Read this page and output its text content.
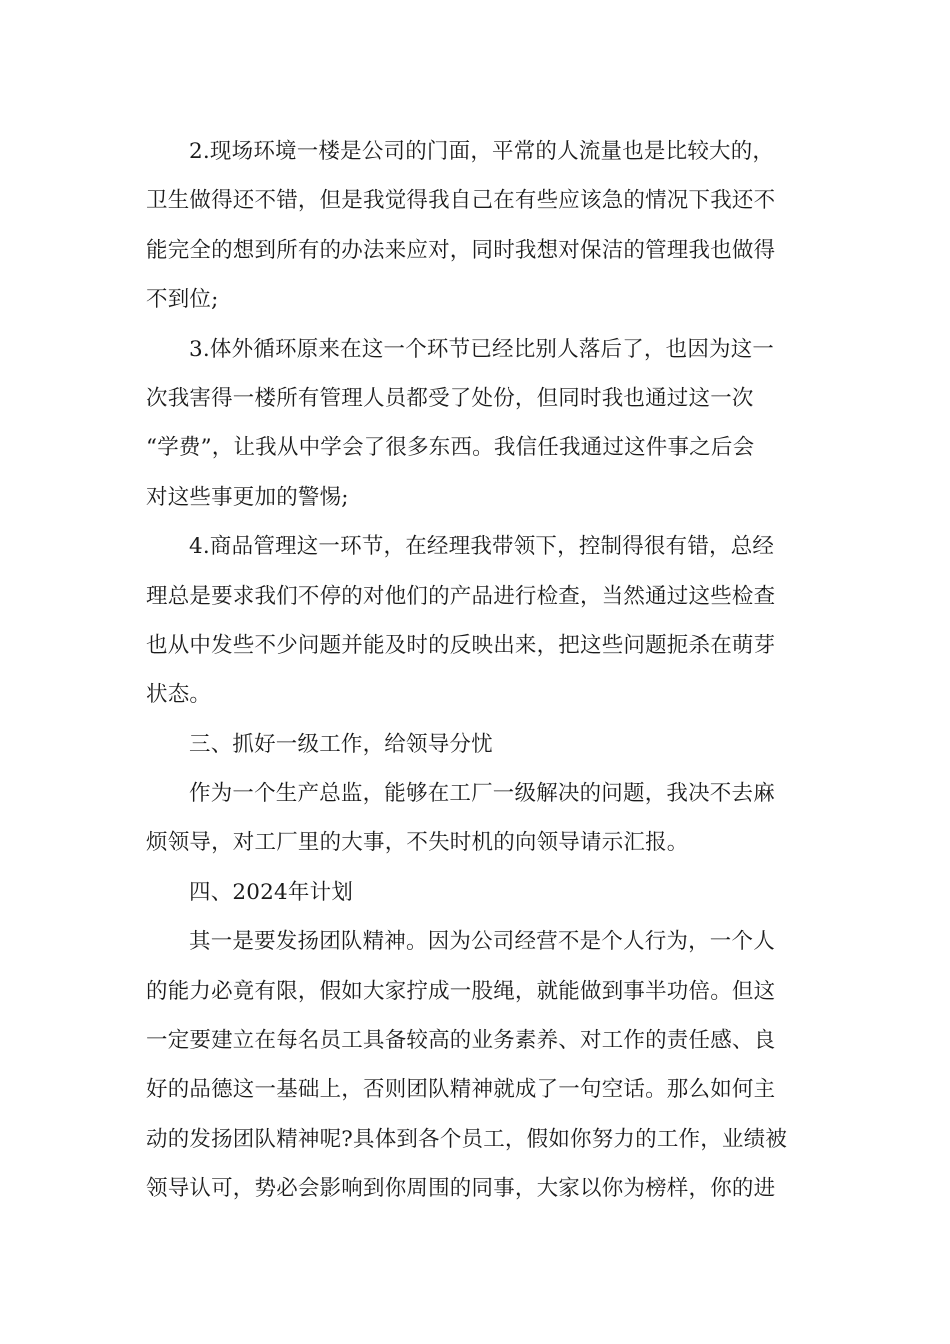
2.现场环境一楼是公司的门面，平常的人流量也是比较大的，
卫生做得还不错，但是我觉得我自己在有些应该急的情况下我还不
能完全的想到所有的办法来应对，同时我想对保洁的管理我也做得
不到位;
3.体外循环原来在这一个环节已经比别人落后了，也因为这一
次我害得一楼所有管理人员都受了处份，但同时我也通过这一次
“学费”，让我从中学会了很多东西。我信任我通过这件事之后会
对这些事更加的警惕;
4.商品管理这一环节，在经理我带领下，控制得很有错，总经
理总是要求我们不停的对他们的产品进行检查，当然通过这些检查
也从中发些不少问题并能及时的反映出来，把这些问题扼杀在萌芽
状态。
三、抓好一级工作，给领导分忧
作为一个生产总监，能够在工厂一级解决的问题，我决不去麻
烦领导，对工厂里的大事，不失时机的向领导请示汇报。
四、2024年计划
其一是要发扬团队精神。因为公司经营不是个人行为，一个人
的能力必竟有限，假如大家拧成一股绳，就能做到事半功倍。但这
一定要建立在每名员工具备较高的业务素养、对工作的责任感、良
好的品德这一基础上，否则团队精神就成了一句空话。那么如何主
动的发扬团队精神呢?具体到各个员工，假如你努力的工作，业绩被
领导认可，势必会影响到你周围的同事，大家以你为榜样，你的进
